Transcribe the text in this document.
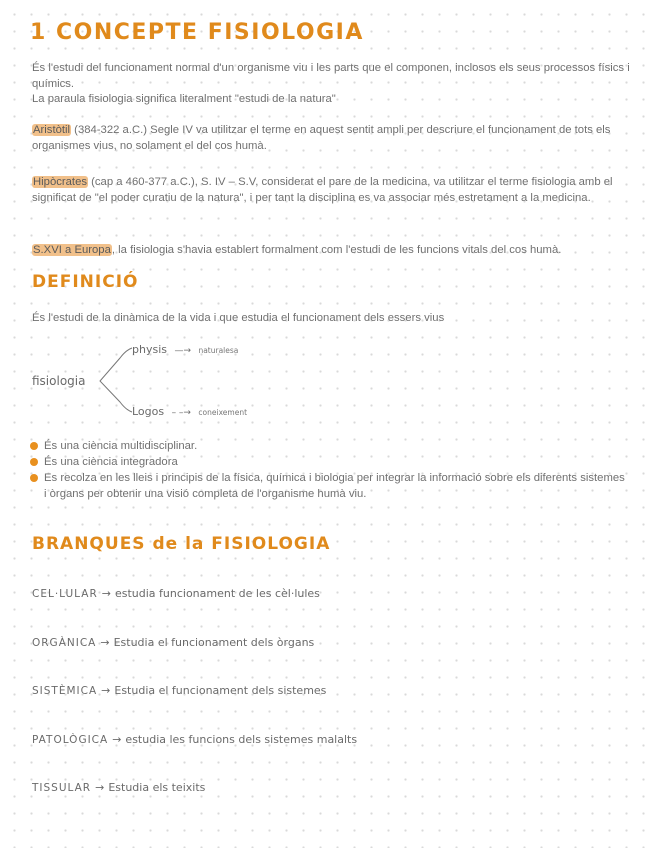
1 CONCEPTE FISIOLOGIA

És l'estudi del funcionament normal d'un organisme viu i les parts que el componen, inclosos els seus processos físics i químics.
La paraula fisiologia significa literalment "estudi de la natura"

Aristòtil (384-322 a.C.) Segle IV va utilitzar el terme en aquest sentit ampli per descriure el funcionament de tots els organismes vius, no solament el del cos humà.

Hipòcrates (cap a 460-377 a.C.), S. IV – S.V, considerat el pare de la medicina, va utilitzar el terme fisiologia amb el significat de "el poder curatiu de la natura", i per tant la disciplina es va associar més estretament a la medicina.

S.XVI a Europa, la fisiologia s'havia establert formalment com l'estudi de les funcions vitals del cos humà.

DEFINICIÓ

És l'estudi de la dinàmica de la vida i que estudia el funcionament dels essers vius

fisiologia
physis —→ naturalesa
Logos – –→ coneixement
És una ciència multidisciplinar.
És una ciència integradora
Es recolza en les lleis i principis de la física, química i biologia per integrar la informació sobre els diferents sistemes i òrgans per obtenir una visió completa de l'organisme humà viu.
BRANQUES de la FISIOLOGIA
CEL·LULAR → estudia funcionament de les cèl·lules
ORGÀNICA → Estudia el funcionament dels òrgans
SISTÈMICA → Estudia el funcionament dels sistemes
PATOLÒGICA → estudia les funcions dels sistemes malalts
TISSULAR → Estudia els teixits
